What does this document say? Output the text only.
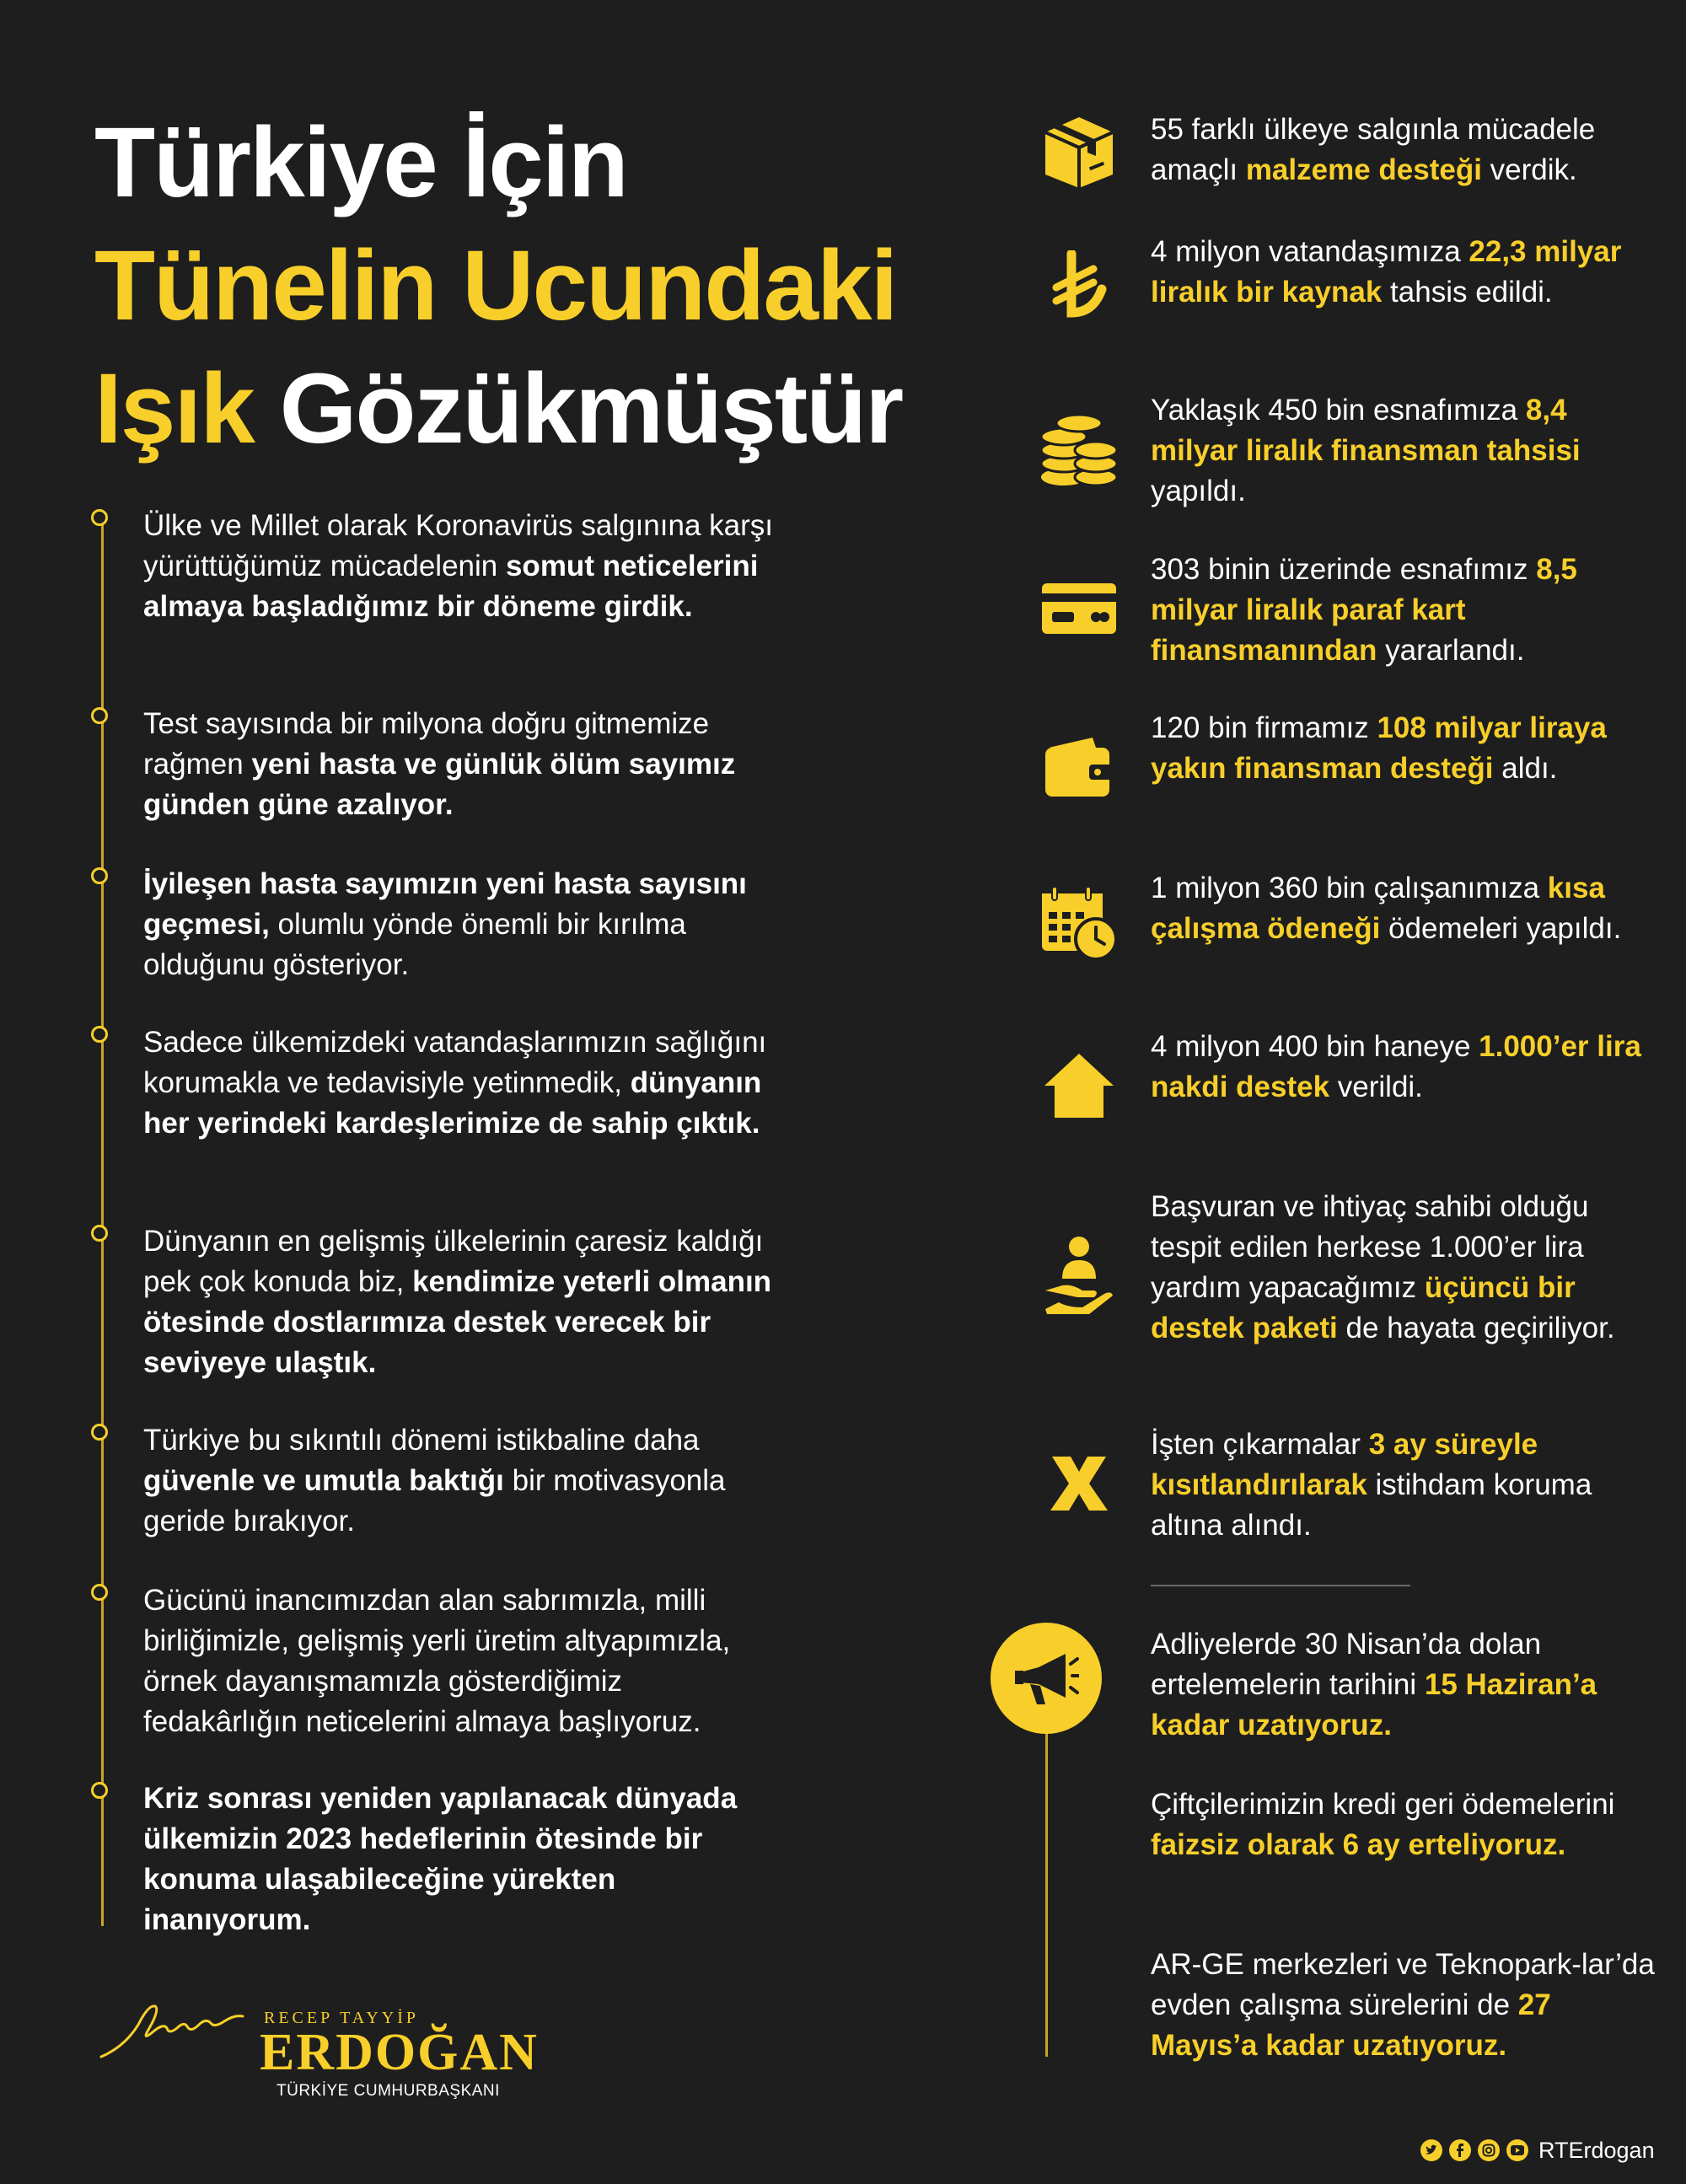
Türkiye İçin
Tünelin Ucundaki
Işık Gözükmüştür

Ülke ve Millet olarak Koronavirüs salgınına karşı yürüttüğümüz mücadelenin somut neticelerini almaya başladığımız bir döneme girdik.

Test sayısında bir milyona doğru gitmemize rağmen yeni hasta ve günlük ölüm sayımız günden güne azalıyor.

İyileşen hasta sayımızın yeni hasta sayısını geçmesi, olumlu yönde önemli bir kırılma olduğunu gösteriyor.

Sadece ülkemizdeki vatandaşlarımızın sağlığını korumakla ve tedavisiyle yetinmedik, dünyanın her yerindeki kardeşlerimize de sahip çıktık.

Dünyanın en gelişmiş ülkelerinin çaresiz kaldığı pek çok konuda biz, kendimize yeterli olmanın ötesinde dostlarımıza destek verecek bir seviyeye ulaştık.

Türkiye bu sıkıntılı dönemi istikbaline daha güvenle ve umutla baktığı bir motivasyonla geride bırakıyor.

Gücünü inancımızdan alan sabrımızla, milli birliğimizle, gelişmiş yerli üretim altyapımızla, örnek dayanışmamızla gösterdiğimiz fedakârlığın neticelerini almaya başlıyoruz.

Kriz sonrası yeniden yapılanacak dünyada ülkemizin 2023 hedeflerinin ötesinde bir konuma ulaşabileceğine yürekten inanıyorum.

55 farklı ülkeye salgınla mücadele amaçlı malzeme desteği verdik.

4 milyon vatandaşımıza 22,3 milyar liralık bir kaynak tahsis edildi.

Yaklaşık 450 bin esnafımıza 8,4 milyar liralık finansman tahsisi yapıldı.

303 binin üzerinde esnafımız 8,5 milyar liralık paraf kart finansmanından yararlandı.

120 bin firmamız 108 milyar liraya yakın finansman desteği aldı.

1 milyon 360 bin çalışanımıza kısa çalışma ödeneği ödemeleri yapıldı.

4 milyon 400 bin haneye 1.000’er lira nakdi destek verildi.

Başvuran ve ihtiyaç sahibi olduğu tespit edilen herkese 1.000’er lira yardım yapacağımız üçüncü bir destek paketi de hayata geçiriliyor.

İşten çıkarmalar 3 ay süreyle kısıtlandırılarak istihdam koruma altına alındı.

Adliyelerde 30 Nisan’da dolan ertelemelerin tarihini 15 Haziran’a kadar uzatıyoruz.

Çiftçilerimizin kredi geri ödemelerini faizsiz olarak 6 ay erteliyoruz.

AR-GE merkezleri ve Teknopark-lar’da evden çalışma sürelerini de 27 Mayıs’a kadar uzatıyoruz.

RECEP TAYYİP
ERDOĞAN
TÜRKİYE CUMHURBAŞKANI
RTErdogan
